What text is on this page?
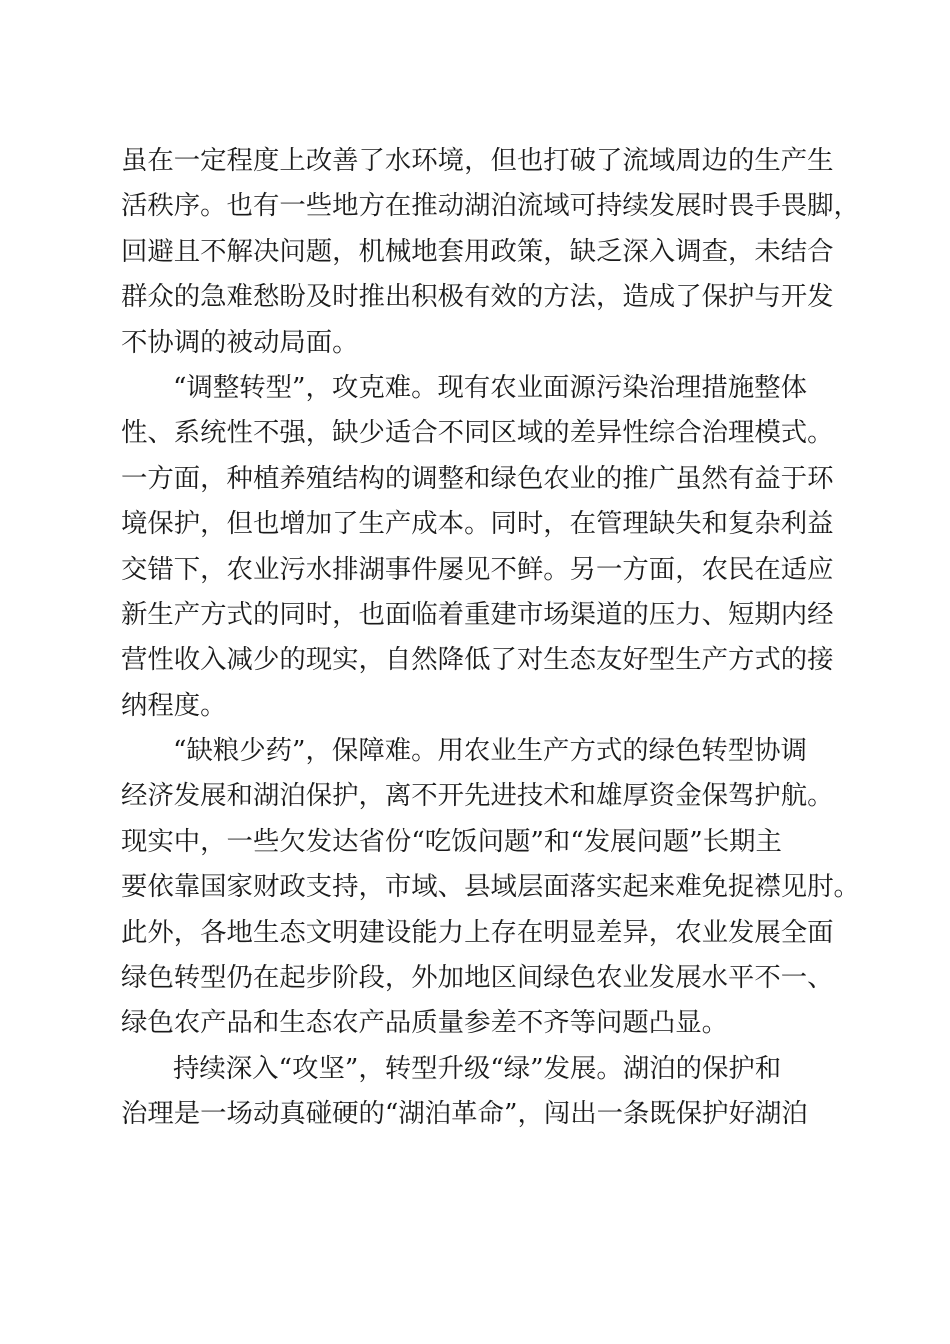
虽在一定程度上改善了水环境，但也打破了流域周边的生产生
活秩序。也有一些地方在推动湖泊流域可持续发展时畏手畏脚，
回避且不解决问题，机械地套用政策，缺乏深入调查，未结合
群众的急难愁盼及时推出积极有效的方法，造成了保护与开发
不协调的被动局面。
“调整转型”，攻克难。现有农业面源污染治理措施整体
性、系统性不强，缺少适合不同区域的差异性综合治理模式。
一方面，种植养殖结构的调整和绿色农业的推广虽然有益于环
境保护，但也增加了生产成本。同时，在管理缺失和复杂利益
交错下，农业污水排湖事件屡见不鲜。另一方面，农民在适应
新生产方式的同时，也面临着重建市场渠道的压力、短期内经
营性收入减少的现实，自然降低了对生态友好型生产方式的接
纳程度。
“缺粮少药”，保障难。用农业生产方式的绿色转型协调
经济发展和湖泊保护，离不开先进技术和雄厚资金保驾护航。
现实中，一些欠发达省份“吃饭问题”和“发展问题”长期主
要依靠国家财政支持，市域、县域层面落实起来难免捉襟见肘。
此外，各地生态文明建设能力上存在明显差异，农业发展全面
绿色转型仍在起步阶段，外加地区间绿色农业发展水平不一、
绿色农产品和生态农产品质量参差不齐等问题凸显。
持续深入“攻坚”，转型升级“绿”发展。湖泊的保护和
治理是一场动真碰硬的“湖泊革命”，闯出一条既保护好湖泊
